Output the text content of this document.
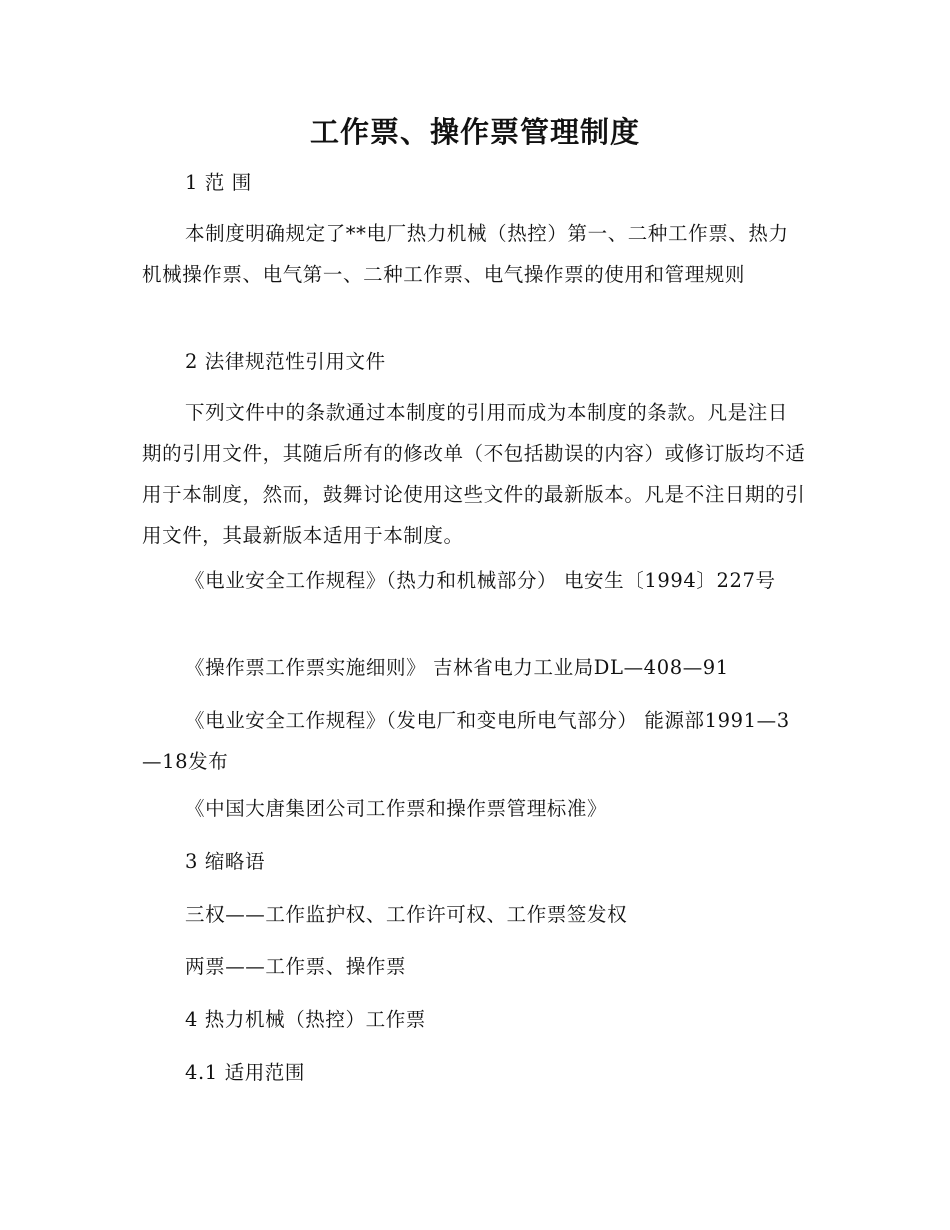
工作票、操作票管理制度
1 范 围
本制度明确规定了**电厂热力机械（热控）第一、二种工作票、热力机械操作票、电气第一、二种工作票、电气操作票的使用和管理规则
2 法律规范性引用文件
下列文件中的条款通过本制度的引用而成为本制度的条款。凡是注日期的引用文件，其随后所有的修改单（不包括勘误的内容）或修订版均不适用于本制度，然而，鼓舞讨论使用这些文件的最新版本。凡是不注日期的引用文件，其最新版本适用于本制度。
《电业安全工作规程》（热力和机械部分） 电安生〔1994〕227号
《操作票工作票实施细则》 吉林省电力工业局DL—408—91
《电业安全工作规程》（发电厂和变电所电气部分） 能源部1991—3—18发布
《中国大唐集团公司工作票和操作票管理标准》
3 缩略语
三权——工作监护权、工作许可权、工作票签发权
两票——工作票、操作票
4 热力机械（热控）工作票
4.1 适用范围
